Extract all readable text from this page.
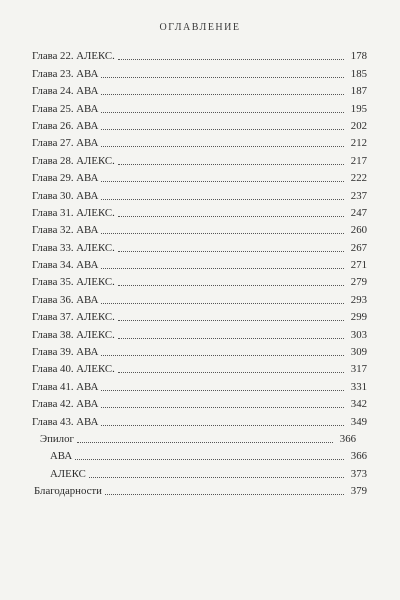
ОГЛАВЛЕНИЕ
Глава 22. АЛЕКС.	178
Глава 23. АВА	185
Глава 24. АВА	187
Глава 25. АВА	195
Глава 26. АВА	202
Глава 27. АВА	212
Глава 28. АЛЕКС.	217
Глава 29. АВА	222
Глава 30. АВА	237
Глава 31. АЛЕКС.	247
Глава 32. АВА	260
Глава 33. АЛЕКС.	267
Глава 34. АВА	271
Глава 35. АЛЕКС.	279
Глава 36. АВА	293
Глава 37. АЛЕКС.	299
Глава 38. АЛЕКС.	303
Глава 39. АВА	309
Глава 40. АЛЕКС.	317
Глава 41. АВА	331
Глава 42. АВА	342
Глава 43. АВА	349
Эпилог	366
АВА	366
АЛЕКС	373
Благодарности	379
